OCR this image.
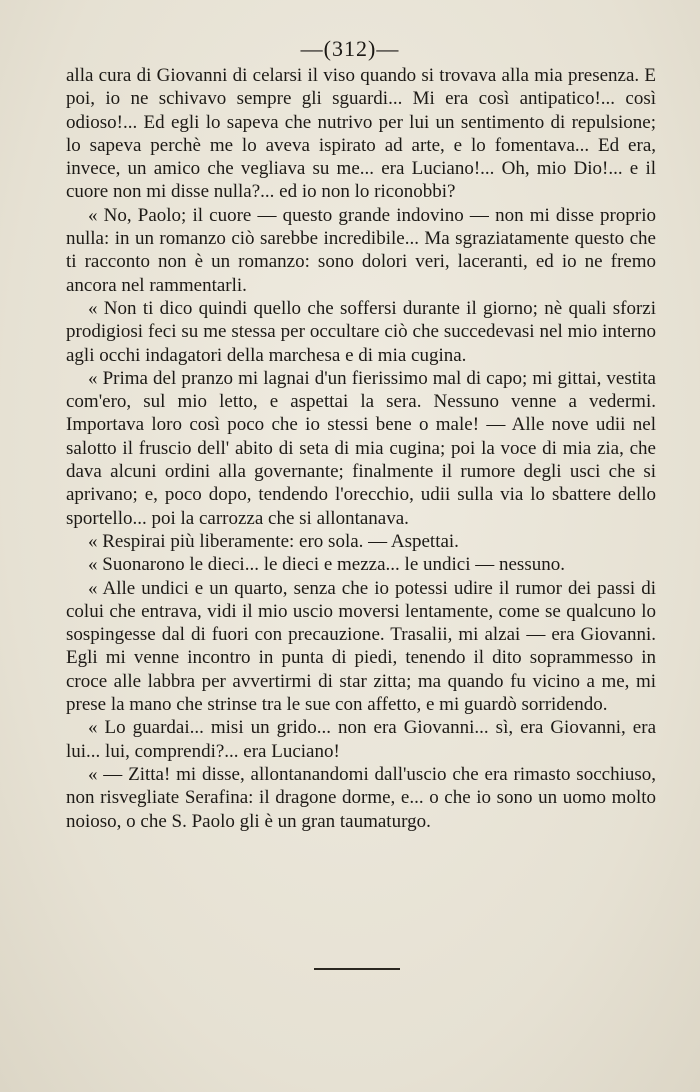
—(312)—

alla cura di Giovanni di celarsi il viso quando si trovava alla mia presenza. E poi, io ne schivavo sempre gli sguardi... Mi era così antipatico!... così odioso!... Ed egli lo sapeva che nutrivo per lui un sentimento di repulsione; lo sapeva perchè me lo aveva ispirato ad arte, e lo fomentava... Ed era, invece, un amico che vegliava su me... era Luciano!... Oh, mio Dio!... e il cuore non mi disse nulla?... ed io non lo riconobbi?

« No, Paolo; il cuore — questo grande indovino — non mi disse proprio nulla: in un romanzo ciò sarebbe incredibile... Ma sgraziatamente questo che ti racconto non è un romanzo: sono dolori veri, laceranti, ed io ne fremo ancora nel rammentarli.

« Non ti dico quindi quello che soffersi durante il giorno; nè quali sforzi prodigiosi feci su me stessa per occultare ciò che succedevasi nel mio interno agli occhi indagatori della marchesa e di mia cugina.

« Prima del pranzo mi lagnai d'un fierissimo mal di capo; mi gittai, vestita com'ero, sul mio letto, e aspettai la sera. Nessuno venne a vedermi. Importava loro così poco che io stessi bene o male! — Alle nove udii nel salotto il fruscio dell' abito di seta di mia cugina; poi la voce di mia zia, che dava alcuni ordini alla governante; finalmente il rumore degli usci che si aprivano; e, poco dopo, tendendo l'orecchio, udii sulla via lo sbattere dello sportello... poi la carrozza che si allontanava.

« Respirai più liberamente: ero sola. — Aspettai.

« Suonarono le dieci... le dieci e mezza... le undici — nessuno.

« Alle undici e un quarto, senza che io potessi udire il rumor dei passi di colui che entrava, vidi il mio uscio moversi lentamente, come se qualcuno lo sospingesse dal di fuori con precauzione. Trasalii, mi alzai — era Giovanni. Egli mi venne incontro in punta di piedi, tenendo il dito soprammesso in croce alle labbra per avvertirmi di star zitta; ma quando fu vicino a me, mi prese la mano che strinse tra le sue con affetto, e mi guardò sorridendo.

« Lo guardai... misi un grido... non era Giovanni... sì, era Giovanni, era lui... lui, comprendi?... era Luciano!

« — Zitta! mi disse, allontanandomi dall'uscio che era rimasto socchiuso, non risvegliate Serafina: il dragone dorme, e... o che io sono un uomo molto noioso, o che S. Paolo gli è un gran taumaturgo.
